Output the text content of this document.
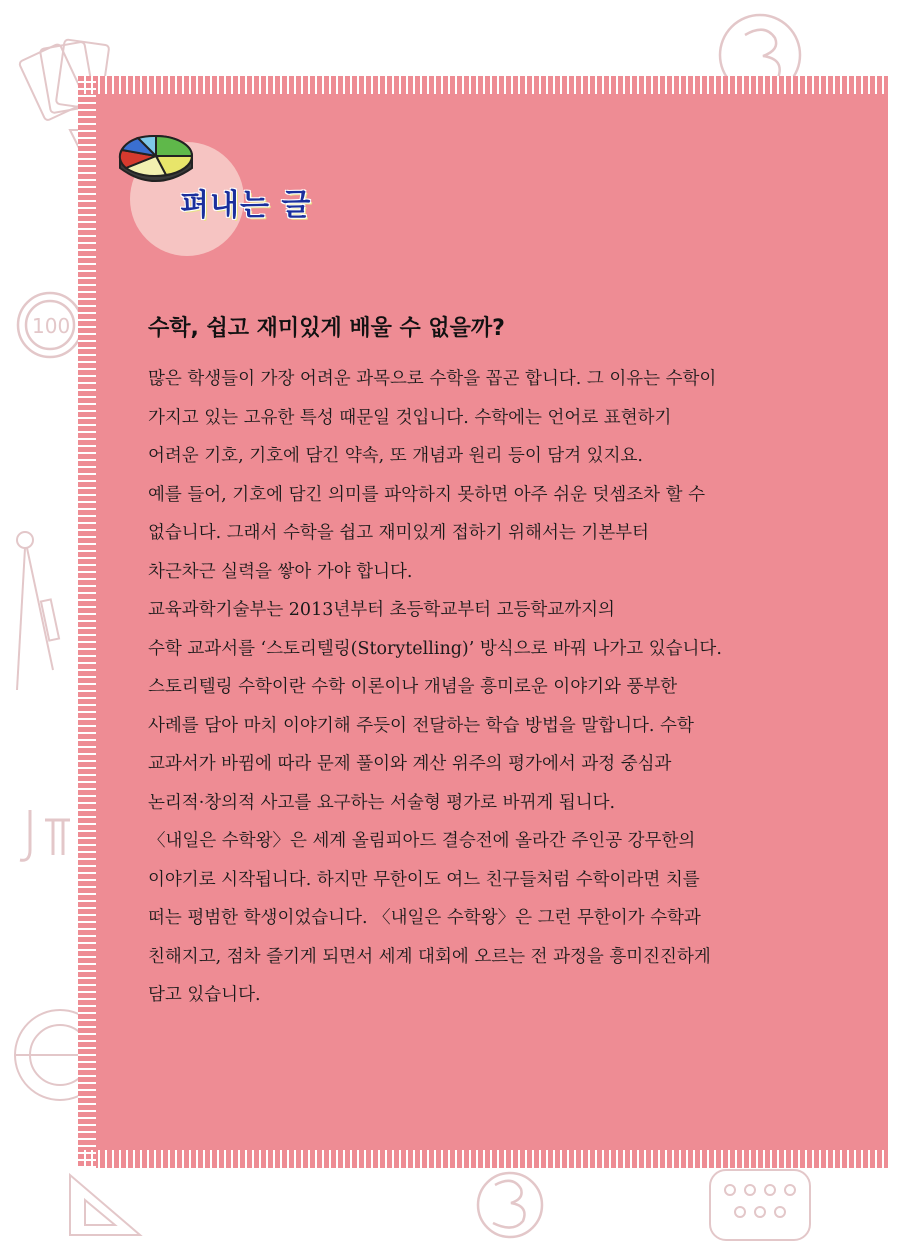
100
펴내는 글
수학, 쉽고 재미있게 배울 수 없을까?
많은 학생들이 가장 어려운 과목으로 수학을 꼽곤 합니다. 그 이유는 수학이
가지고 있는 고유한 특성 때문일 것입니다. 수학에는 언어로 표현하기
어려운 기호, 기호에 담긴 약속, 또 개념과 원리 등이 담겨 있지요.
예를 들어, 기호에 담긴 의미를 파악하지 못하면 아주 쉬운 덧셈조차 할 수
없습니다. 그래서 수학을 쉽고 재미있게 접하기 위해서는 기본부터
차근차근 실력을 쌓아 가야 합니다.
교육과학기술부는 2013년부터 초등학교부터 고등학교까지의
수학 교과서를 ‘스토리텔링(Storytelling)’ 방식으로 바꿔 나가고 있습니다.
스토리텔링 수학이란 수학 이론이나 개념을 흥미로운 이야기와 풍부한
사례를 담아 마치 이야기해 주듯이 전달하는 학습 방법을 말합니다. 수학
교과서가 바뀜에 따라 문제 풀이와 계산 위주의 평가에서 과정 중심과
논리적·창의적 사고를 요구하는 서술형 평가로 바뀌게 됩니다.
〈내일은 수학왕〉은 세계 올림피아드 결승전에 올라간 주인공 강무한의
이야기로 시작됩니다. 하지만 무한이도 여느 친구들처럼 수학이라면 치를
떠는 평범한 학생이었습니다. 〈내일은 수학왕〉은 그런 무한이가 수학과
친해지고, 점차 즐기게 되면서 세계 대회에 오르는 전 과정을 흥미진진하게
담고 있습니다.
